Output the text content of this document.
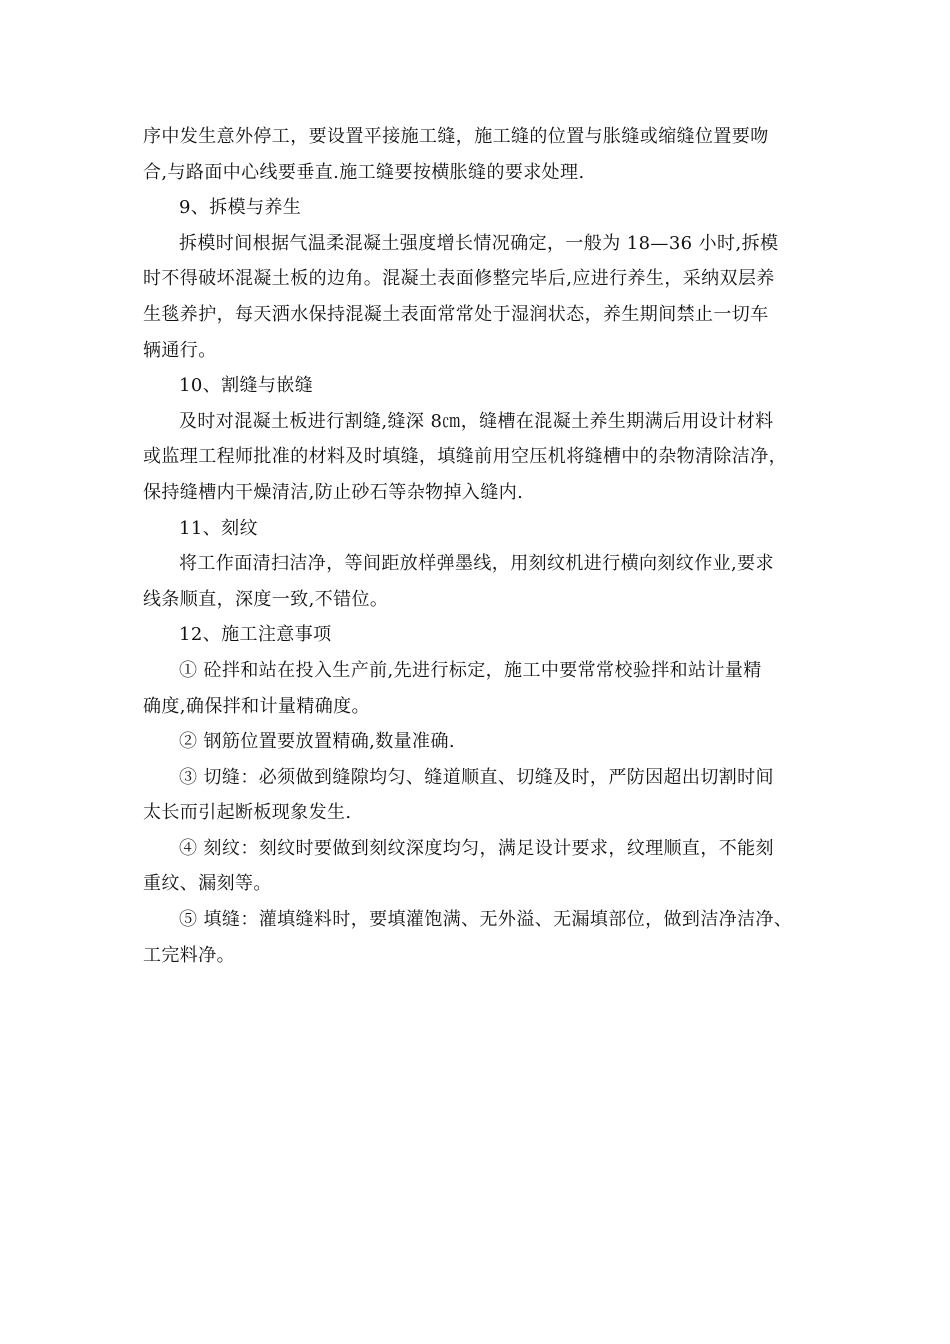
序中发生意外停工，要设置平接施工缝，施工缝的位置与胀缝或缩缝位置要吻
合,与路面中心线要垂直.施工缝要按横胀缝的要求处理.
9、拆模与养生
拆模时间根据气温柔混凝土强度增长情况确定，一般为 18—36 小时,拆模
时不得破坏混凝土板的边角。混凝土表面修整完毕后,应进行养生，采纳双层养
生毯养护，每天洒水保持混凝土表面常常处于湿润状态，养生期间禁止一切车
辆通行。
10、割缝与嵌缝
及时对混凝土板进行割缝,缝深 8㎝，缝槽在混凝土养生期满后用设计材料
或监理工程师批准的材料及时填缝，填缝前用空压机将缝槽中的杂物清除洁净，
保持缝槽内干燥清洁,防止砂石等杂物掉入缝内.
11、刻纹
将工作面清扫洁净，等间距放样弹墨线，用刻纹机进行横向刻纹作业,要求
线条顺直，深度一致,不错位。
12、施工注意事项
① 砼拌和站在投入生产前,先进行标定，施工中要常常校验拌和站计量精
确度,确保拌和计量精确度。
② 钢筋位置要放置精确,数量准确.
③ 切缝：必须做到缝隙均匀、缝道顺直、切缝及时，严防因超出切割时间
太长而引起断板现象发生.
④ 刻纹：刻纹时要做到刻纹深度均匀，满足设计要求，纹理顺直，不能刻
重纹、漏刻等。
⑤ 填缝：灌填缝料时，要填灌饱满、无外溢、无漏填部位，做到洁净洁净、
工完料净。
